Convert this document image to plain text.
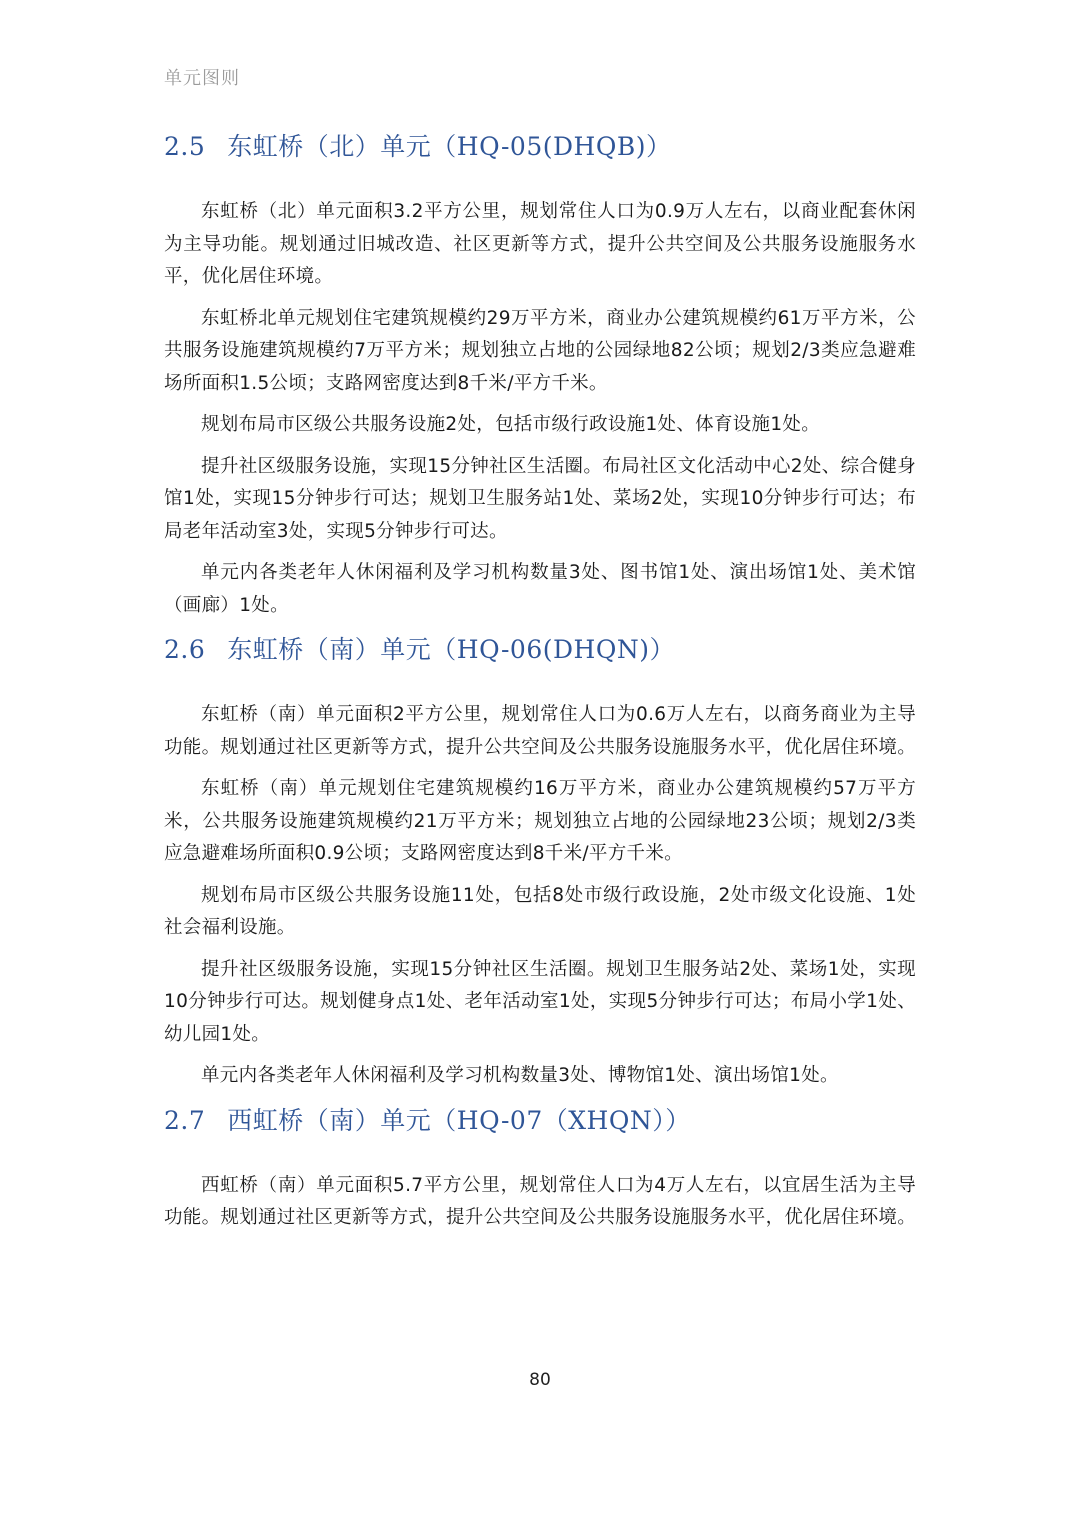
单元图则
2.5 东虹桥（北）单元（HQ-05(DHQB)）

东虹桥（北）单元面积3.2平方公里，规划常住人口为0.9万人左右，以商业配套休闲为主导功能。规划通过旧城改造、社区更新等方式，提升公共空间及公共服务设施服务水平，优化居住环境。

东虹桥北单元规划住宅建筑规模约29万平方米，商业办公建筑规模约61万平方米，公共服务设施建筑规模约7万平方米；规划独立占地的公园绿地82公顷；规划2/3类应急避难场所面积1.5公顷；支路网密度达到8千米/平方千米。

规划布局市区级公共服务设施2处，包括市级行政设施1处、体育设施1处。

提升社区级服务设施，实现15分钟社区生活圈。布局社区文化活动中心2处、综合健身馆1处，实现15分钟步行可达；规划卫生服务站1处、菜场2处，实现10分钟步行可达；布局老年活动室3处，实现5分钟步行可达。

单元内各类老年人休闲福利及学习机构数量3处、图书馆1处、演出场馆1处、美术馆（画廊）1处。

2.6 东虹桥（南）单元（HQ-06(DHQN)）

东虹桥（南）单元面积2平方公里，规划常住人口为0.6万人左右，以商务商业为主导功能。规划通过社区更新等方式，提升公共空间及公共服务设施服务水平，优化居住环境。

东虹桥（南）单元规划住宅建筑规模约16万平方米，商业办公建筑规模约57万平方米，公共服务设施建筑规模约21万平方米；规划独立占地的公园绿地23公顷；规划2/3类应急避难场所面积0.9公顷；支路网密度达到8千米/平方千米。

规划布局市区级公共服务设施11处，包括8处市级行政设施，2处市级文化设施、1处社会福利设施。

提升社区级服务设施，实现15分钟社区生活圈。规划卫生服务站2处、菜场1处，实现10分钟步行可达。规划健身点1处、老年活动室1处，实现5分钟步行可达；布局小学1处、幼儿园1处。

单元内各类老年人休闲福利及学习机构数量3处、博物馆1处、演出场馆1处。

2.7 西虹桥（南）单元（HQ-07（XHQN））

西虹桥（南）单元面积5.7平方公里，规划常住人口为4万人左右，以宜居生活为主导功能。规划通过社区更新等方式，提升公共空间及公共服务设施服务水平，优化居住环境。

80
